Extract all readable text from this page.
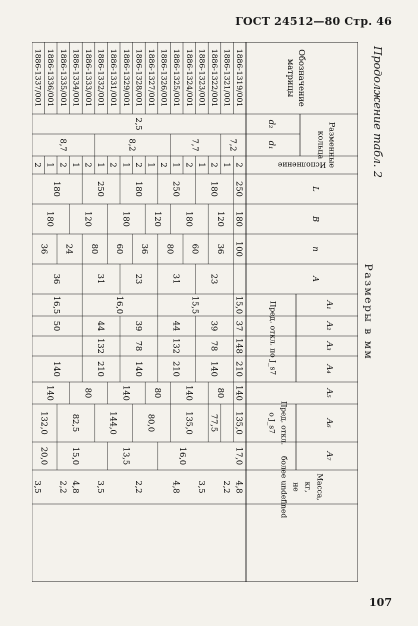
ГОСТ 24512—80 Стр. 46
Продолжение табл. 2
Размеры в мм
Обозначение
матрицы
Разменные
кольца
d₂
d₁
Исполнение
L
B
n
A
A₁
A₂
A₃
A₄
A₅
A₆
A₇
Пред. откл. по J_s7
Пред. откл.
о J_s7
Масса,
кг,
не
более undefined
1886-1319/001
2
4,8
1886-1321/001
1
2,2
1886-1322/001
2
1886-1323/001
1
3,5
1886-1324/001
2
1886-1325/001
1
4,8
1886-1326/001
2
1886-1327/001
1
1886-1328/001
2
2,2
1886-1329/001
1
1886-1331/001
2
1886-1332/001
1
3,5
1886-1333/001
2
1886-1334/001
1
4,8
1886-1335/001
2
2,2
1886-1336/001
1
1886-1337/001
2
3,5
250
180
100
15,0
37
148
210
140
135,0
17,0
77,5
2,5
7,2
7,7
8,2
8,7
180
250
180
250
180
120
180
120
180
120
180
36
60
80
36
60
80
24
36
23
31
23
31
36
15,5
16,0
16,5
39
44
39
44
50
78
132
78
132
140
210
140
210
140
80
140
80
140
80
140
135,0
80,0
144,0
82,5
132,0
16,0
13,5
15,0
20,0
107
